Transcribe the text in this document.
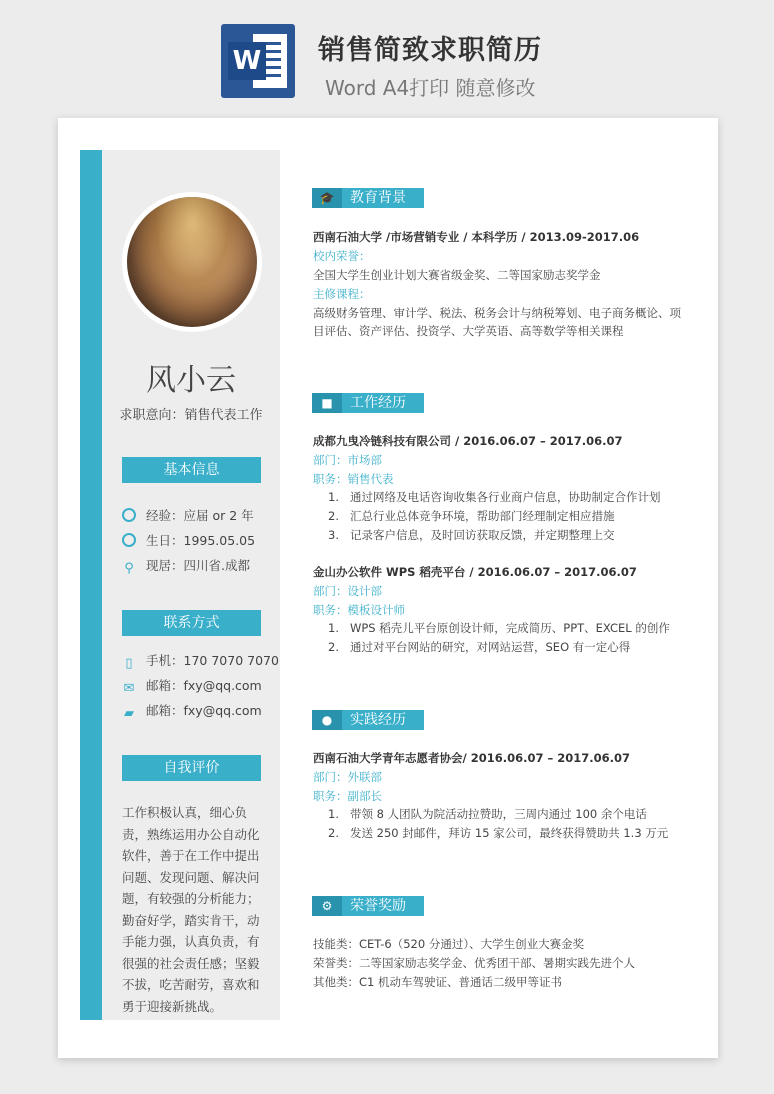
W 销售简致求职简历
Word A4打印 随意修改
风小云
求职意向：销售代表工作
基本信息
经验：应届 or 2 年
生日：1995.05.05
⚲ 现居：四川省.成都
联系方式
▯ 手机：170 7070 7070
✉ 邮箱：fxy@qq.com
▰ 邮箱：fxy@qq.com
自我评价
工作积极认真，细心负责，熟练运用办公自动化软件，善于在工作中提出问题、发现问题、解决问题，有较强的分析能力；勤奋好学，踏实肯干，动手能力强，认真负责，有很强的社会责任感；坚毅不拔，吃苦耐劳，喜欢和勇于迎接新挑战。
🎓	教育背景
西南石油大学 /市场营销专业 / 本科学历 / 2013.09-2017.06
校内荣誉：
全国大学生创业计划大赛省级金奖、二等国家励志奖学金
主修课程：
高级财务管理、审计学、税法、税务会计与纳税筹划、电子商务概论、项
目评估、资产评估、投资学、大学英语、高等数学等相关课程
■	工作经历
成都九曳冷链科技有限公司 / 2016.06.07 – 2017.06.07
部门：市场部
职务：销售代表
1. 通过网络及电话咨询收集各行业商户信息，协助制定合作计划
2. 汇总行业总体竞争环境，帮助部门经理制定相应措施
3. 记录客户信息，及时回访获取反馈，并定期整理上交
金山办公软件 WPS 稻壳平台 / 2016.06.07 – 2017.06.07
部门：设计部
职务：模板设计师
1. WPS 稻壳儿平台原创设计师，完成简历、PPT、EXCEL 的创作
2. 通过对平台网站的研究，对网站运营，SEO 有一定心得
●	实践经历
西南石油大学青年志愿者协会/ 2016.06.07 – 2017.06.07
部门：外联部
职务：副部长
1. 带领 8 人团队为院活动拉赞助，三周内通过 100 余个电话
2. 发送 250 封邮件，拜访 15 家公司，最终获得赞助共 1.3 万元
⚙	荣誉奖励
技能类：CET-6（520 分通过）、大学生创业大赛金奖
荣誉类：二等国家励志奖学金、优秀团干部、暑期实践先进个人
其他类：C1 机动车驾驶证、普通话二级甲等证书
